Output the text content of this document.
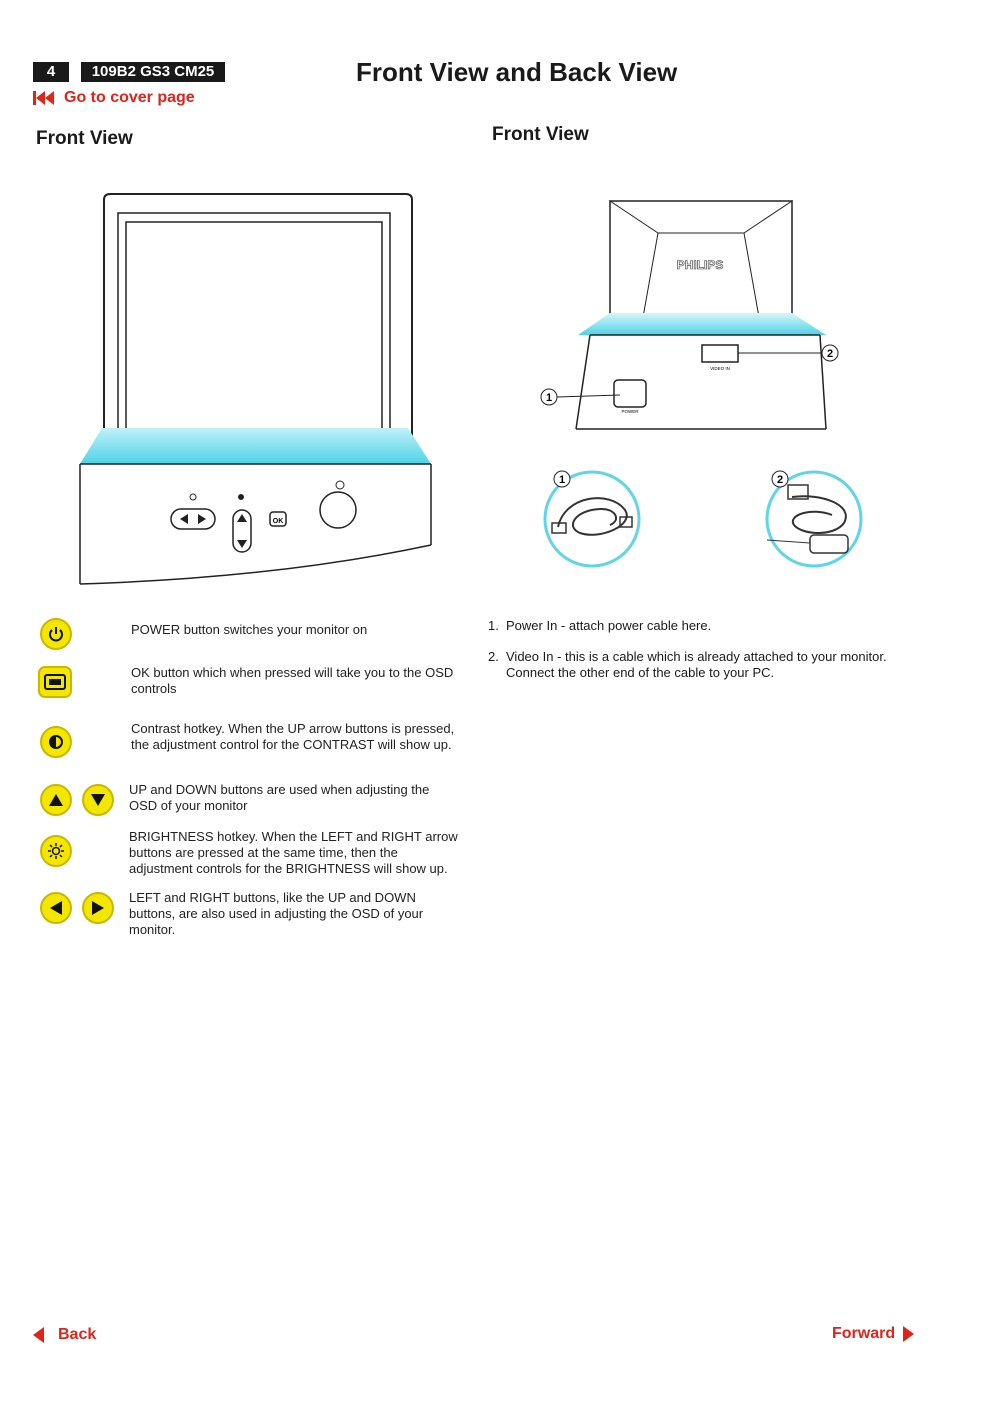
4	109B2 GS3 CM25	Front View and Back View
Go to cover page
Front View	Front View
OK
PHILIPS
VIDEO IN
POWER
2
1
1	2
POWER button switches your monitor on
OK button which when pressed will take you to the OSD controls
Contrast hotkey. When the UP arrow buttons is pressed, the adjustment control for the CONTRAST will show up.
UP and DOWN buttons are used when adjusting the OSD of your monitor
BRIGHTNESS hotkey. When the LEFT and RIGHT arrow buttons are pressed at the same time, then the adjustment controls for the BRIGHTNESS will show up.
LEFT and RIGHT buttons, like the UP and DOWN buttons, are also used in adjusting the OSD of your monitor.
1. Power In - attach power cable here.
2. Video In - this is a cable which is already attached to your monitor. Connect the other end of the cable to your PC.
Back	Forward
